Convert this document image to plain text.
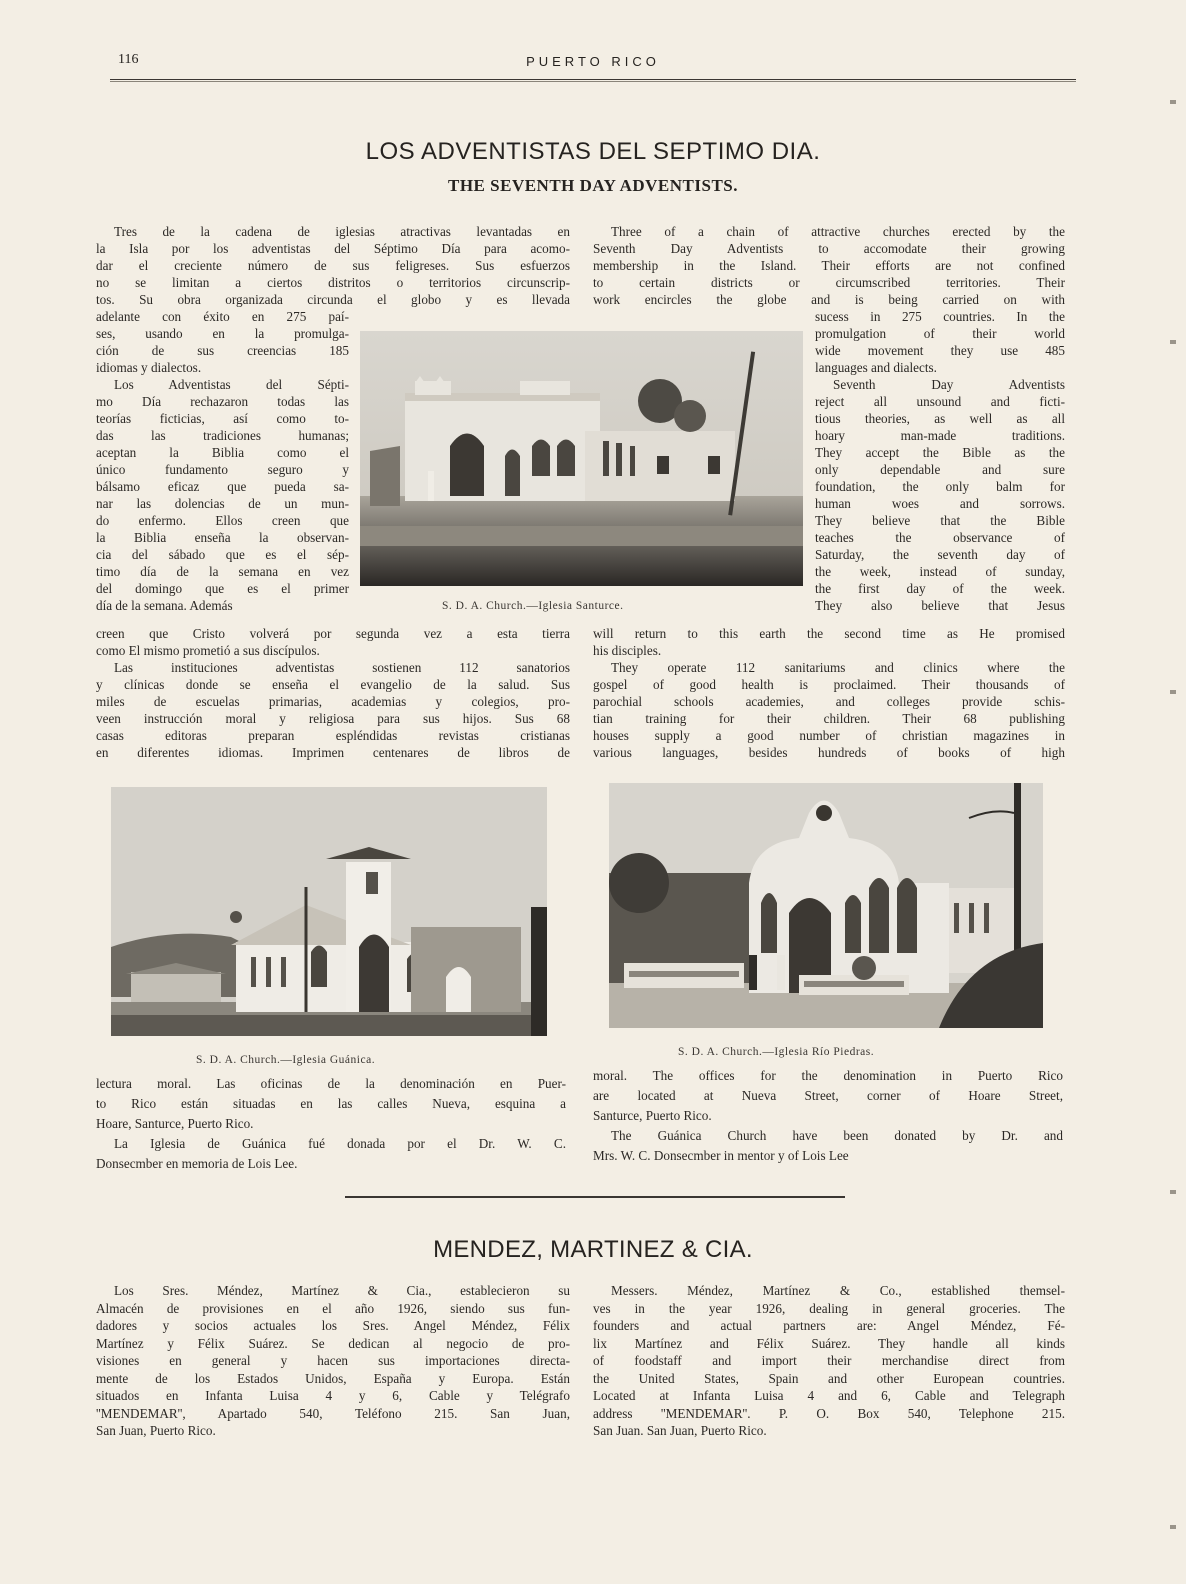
116	PUERTO RICO
LOS ADVENTISTAS DEL SEPTIMO DIA.
THE SEVENTH DAY ADVENTISTS.
Tres de la cadena de iglesias atractivas levantadas en
la Isla por los adventistas del Séptimo Día para acomo-
dar el creciente número de sus feligreses. Sus esfuerzos
no se limitan a ciertos distritos o territorios circunscrip-
tos. Su obra organizada circunda el globo y es llevada
adelante con éxito en 275 paí-
ses, usando en la promulga-
ción de sus creencias 185
idiomas y dialectos.
Los Adventistas del Sépti-
mo Día rechazaron todas las
teorías ficticias, así como to-
das las tradiciones humanas;
aceptan la Biblia como el
único fundamento seguro y
bálsamo eficaz que pueda sa-
nar las dolencias de un mun-
do enfermo. Ellos creen que
la Biblia enseña la observan-
cia del sábado que es el sép-
timo día de la semana en vez
del domingo que es el primer
día de la semana. Además
creen que Cristo volverá por segunda vez a esta tierra
como El mismo prometió a sus discípulos.
Las instituciones adventistas sostienen 112 sanatorios
y clínicas donde se enseña el evangelio de la salud. Sus
miles de escuelas primarias, academias y colegios, pro-
veen instrucción moral y religiosa para sus hijos. Sus 68
casas editoras preparan espléndidas revistas cristianas
en diferentes idiomas. Imprimen centenares de libros de
Three of a chain of attractive churches erected by the
Seventh Day Adventists to accomodate their growing
membership in the Island. Their efforts are not confined
to certain districts or circumscribed territories. Their
work encircles the globe and is being carried on with
sucess in 275 countries. In the
promulgation of their world
wide movement they use 485
languages and dialects.
Seventh Day Adventists
reject all unsound and ficti-
tious theories, as well as all
hoary man-made traditions.
They accept the Bible as the
only dependable and sure
foundation, the only balm for
human woes and sorrows.
They believe that the Bible
teaches the observance of
Saturday, the seventh day of
the week, instead of sunday,
the first day of the week.
They also believe that Jesus
will return to this earth the second time as He promised
his disciples.
They operate 112 sanitariums and clinics where the
gospel of good health is proclaimed. Their thousands of
parochial schools academies, and colleges provide schis-
tian training for their children. Their 68 publishing
houses supply a good number of christian magazines in
various languages, besides hundreds of books of high
lectura moral. Las oficinas de la denominación en Puer-
to Rico están situadas en las calles Nueva, esquina a
Hoare, Santurce, Puerto Rico.
La Iglesia de Guánica fué donada por el Dr. W. C.
Donsecmber en memoria de Lois Lee.
moral. The offices for the denomination in Puerto Rico
are located at Nueva Street, corner of Hoare Street,
Santurce, Puerto Rico.
The Guánica Church have been donated by Dr. and
Mrs. W. C. Donsecmber in mentor y of Lois Lee
Los Sres. Méndez, Martínez & Cia., establecieron su
Almacén de provisiones en el año 1926, siendo sus fun-
dadores y socios actuales los Sres. Angel Méndez, Félix
Martínez y Félix Suárez. Se dedican al negocio de pro-
visiones en general y hacen sus importaciones directa-
mente de los Estados Unidos, España y Europa. Están
situados en Infanta Luisa 4 y 6, Cable y Telégrafo
''MENDEMAR'', Apartado 540, Teléfono 215. San Juan,
San Juan, Puerto Rico.
Messers. Méndez, Martínez & Co., established themsel-
ves in the year 1926, dealing in general groceries. The
founders and actual partners are: Angel Méndez, Fé-
lix Martínez and Félix Suárez. They handle all kinds
of foodstaff and import their merchandise direct from
the United States, Spain and other European countries.
Located at Infanta Luisa 4 and 6, Cable and Telegraph
address ''MENDEMAR''. P. O. Box 540, Telephone 215.
San Juan. San Juan, Puerto Rico.
S. D. A. Church.—Iglesia Santurce.
S. D. A. Church.—Iglesia Guánica.
S. D. A. Church.—Iglesia Río Piedras.
MENDEZ, MARTINEZ & CIA.
